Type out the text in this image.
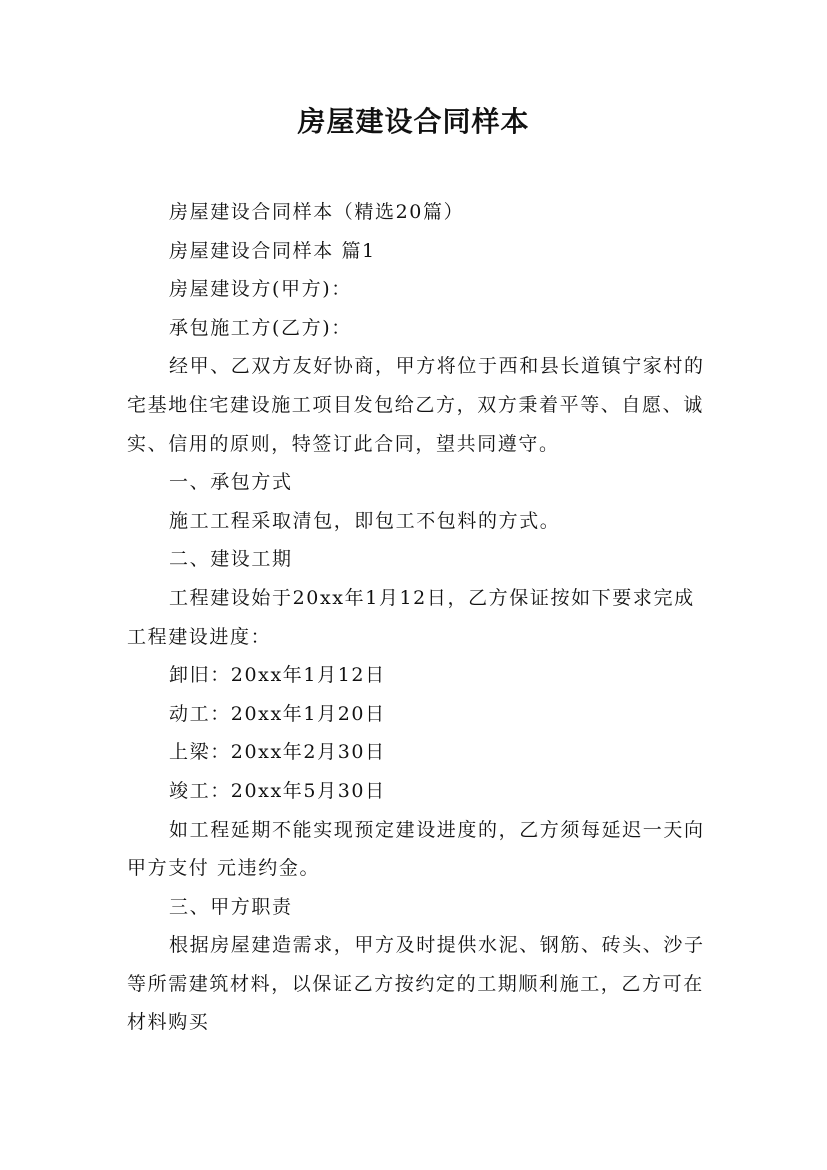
房屋建设合同样本

房屋建设合同样本（精选20篇）

房屋建设合同样本 篇1

房屋建设方(甲方)：

承包施工方(乙方)：

经甲、乙双方友好协商，甲方将位于西和县长道镇宁家村的宅基地住宅建设施工项目发包给乙方，双方秉着平等、自愿、诚实、信用的原则，特签订此合同，望共同遵守。

一、承包方式

施工工程采取清包，即包工不包料的方式。

二、建设工期

工程建设始于20xx年1月12日，乙方保证按如下要求完成工程建设进度：

卸旧：20xx年1月12日

动工：20xx年1月20日

上梁：20xx年2月30日

竣工：20xx年5月30日

如工程延期不能实现预定建设进度的，乙方须每延迟一天向甲方支付 元违约金。

三、甲方职责

根据房屋建造需求，甲方及时提供水泥、钢筋、砖头、沙子等所需建筑材料，以保证乙方按约定的工期顺利施工，乙方可在材料购买
